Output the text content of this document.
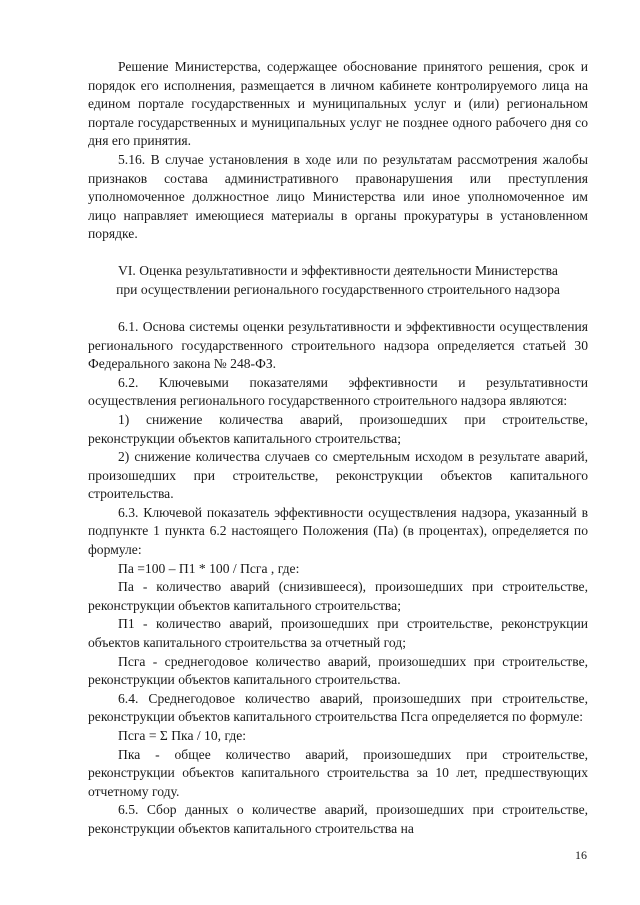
Решение Министерства, содержащее обоснование принятого решения, срок и порядок его исполнения, размещается в личном кабинете контролируемого лица на едином портале государственных и муниципальных услуг и (или) региональном портале государственных и муниципальных услуг не позднее одного рабочего дня со дня его принятия.

5.16. В случае установления в ходе или по результатам рассмотрения жалобы признаков состава административного правонарушения или преступления уполномоченное должностное лицо Министерства или иное уполномоченное им лицо направляет имеющиеся материалы в органы прокуратуры в установленном порядке.

VI. Оценка результативности и эффективности деятельности Министерства
при осуществлении регионального государственного строительного надзора

6.1. Основа системы оценки результативности и эффективности осуществления регионального государственного строительного надзора определяется статьей 30 Федерального закона № 248-ФЗ.

6.2. Ключевыми показателями эффективности и результативности осуществления регионального государственного строительного надзора являются:

1) снижение количества аварий, произошедших при строительстве, реконструкции объектов капитального строительства;

2) снижение количества случаев со смертельным исходом в результате аварий, произошедших при строительстве, реконструкции объектов капитального строительства.

6.3. Ключевой показатель эффективности осуществления надзора, указанный в подпункте 1 пункта 6.2 настоящего Положения (Па) (в процентах), определяется по формуле:

Па =100 – П1 * 100 / Псга , где:

Па - количество аварий (снизившееся), произошедших при строительстве, реконструкции объектов капитального строительства;

П1 - количество аварий, произошедших при строительстве, реконструкции объектов капитального строительства за отчетный год;

Псга - среднегодовое количество аварий, произошедших при строительстве, реконструкции объектов капитального строительства.

6.4. Среднегодовое количество аварий, произошедших при строительстве, реконструкции объектов капитального строительства Псга определяется по формуле:

Псга = Σ Пка / 10, где:

Пка - общее количество аварий, произошедших при строительстве, реконструкции объектов капитального строительства за 10 лет, предшествующих отчетному году.

6.5. Сбор данных о количестве аварий, произошедших при строительстве, реконструкции объектов капитального строительства на

16
